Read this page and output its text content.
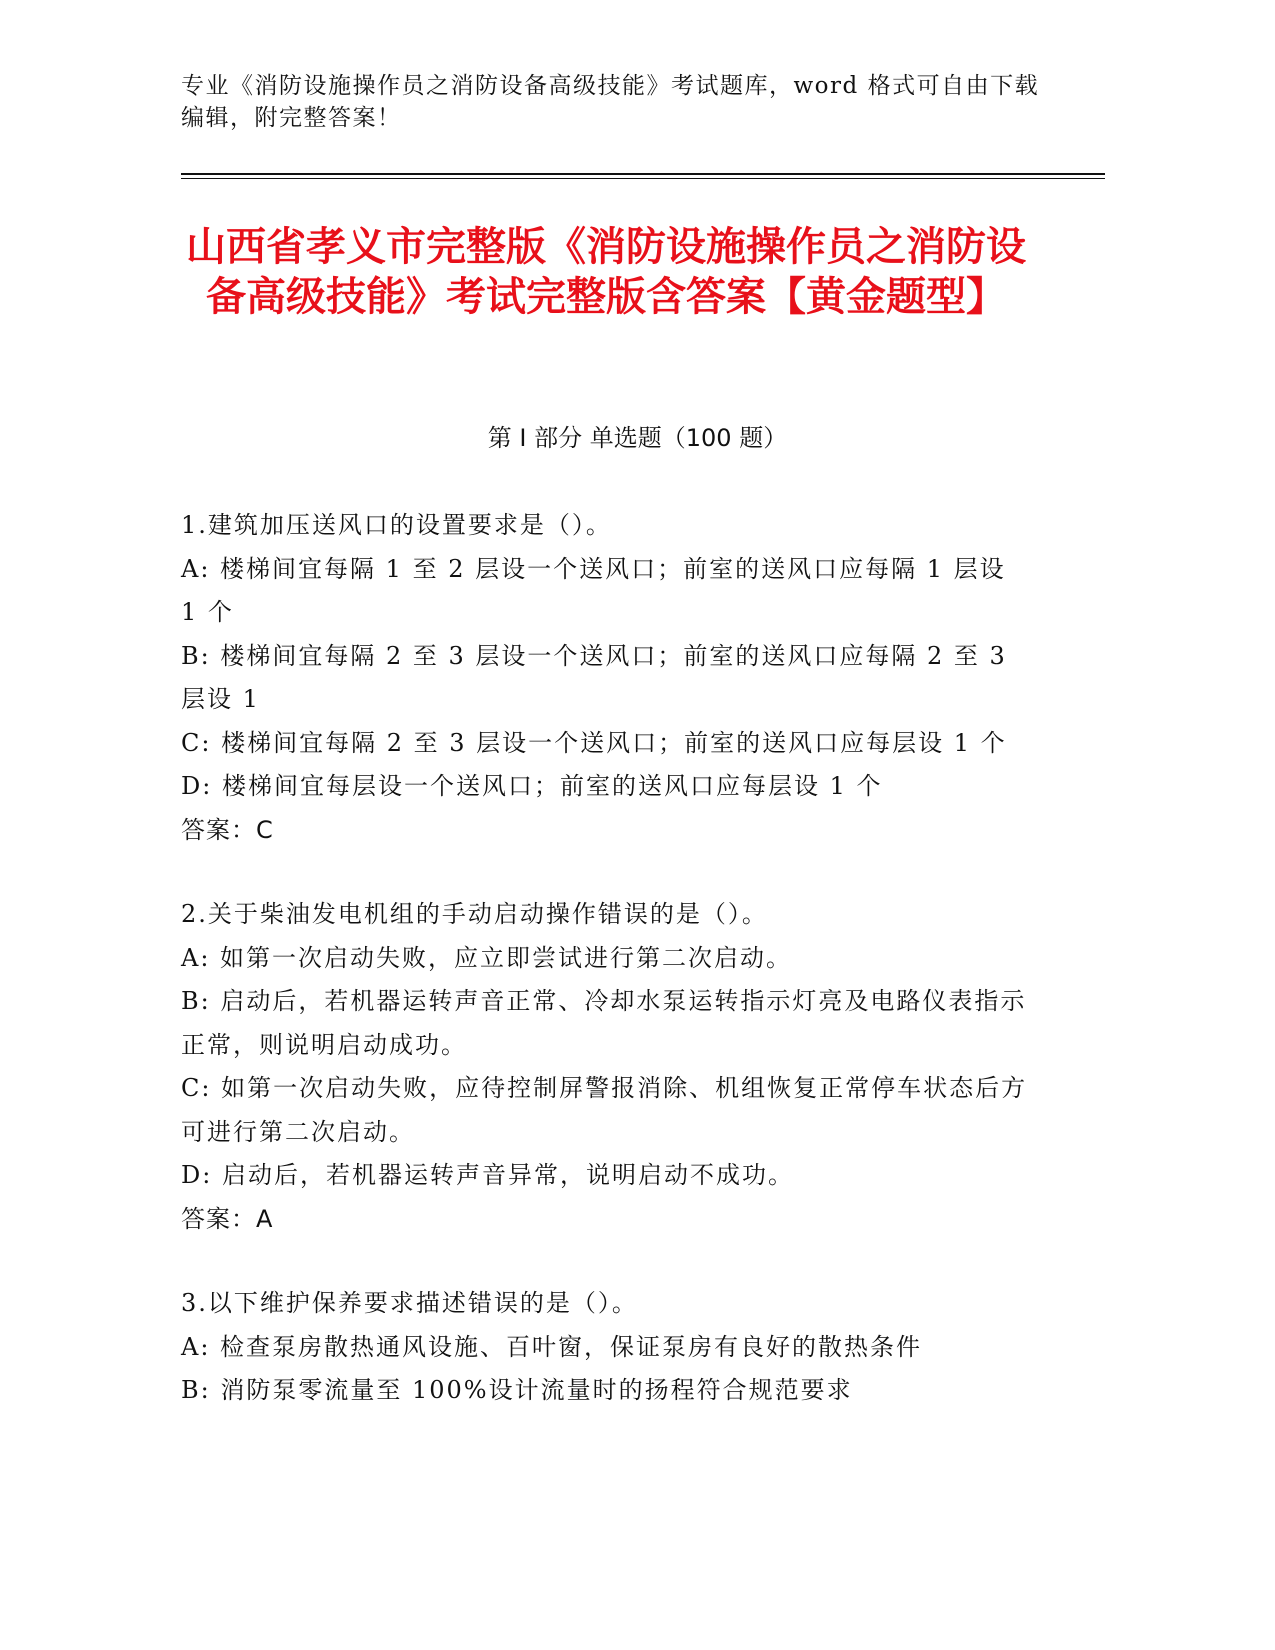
专业《消防设施操作员之消防设备高级技能》考试题库，word 格式可自由下载编辑，附完整答案！
山西省孝义市完整版《消防设施操作员之消防设备高级技能》考试完整版含答案【黄金题型】
第 I 部分 单选题（100 题）

1.建筑加压送风口的设置要求是（）。

A: 楼梯间宜每隔 1 至 2 层设一个送风口；前室的送风口应每隔 1 层设 1 个

B: 楼梯间宜每隔 2 至 3 层设一个送风口；前室的送风口应每隔 2 至 3 层设 1

C: 楼梯间宜每隔 2 至 3 层设一个送风口；前室的送风口应每层设 1 个

D: 楼梯间宜每层设一个送风口；前室的送风口应每层设 1 个

答案：C

2.关于柴油发电机组的手动启动操作错误的是（）。

A: 如第一次启动失败，应立即尝试进行第二次启动。

B: 启动后，若机器运转声音正常、冷却水泵运转指示灯亮及电路仪表指示正常，则说明启动成功。

C: 如第一次启动失败，应待控制屏警报消除、机组恢复正常停车状态后方可进行第二次启动。

D: 启动后，若机器运转声音异常，说明启动不成功。

答案：A

3.以下维护保养要求描述错误的是（）。

A: 检查泵房散热通风设施、百叶窗，保证泵房有良好的散热条件

B: 消防泵零流量至 100%设计流量时的扬程符合规范要求
